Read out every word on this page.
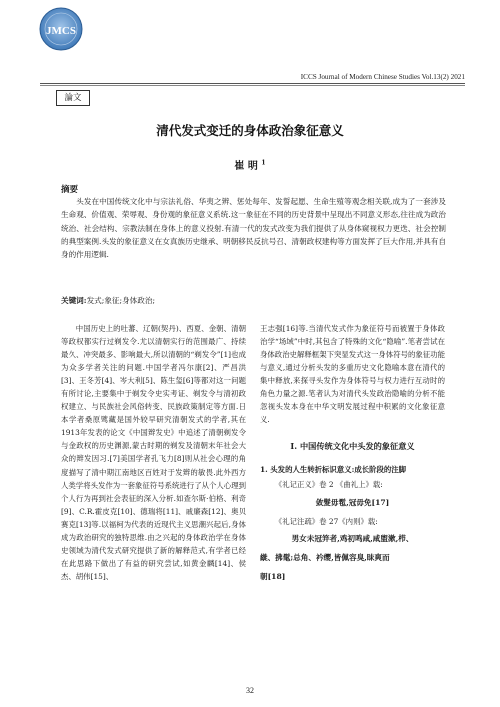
JMCS
ICCS Journal of Modern Chinese Studies Vol.13(2) 2021
論文
清代发式变迁的身体政治象征意义
崔 明 $^1$
摘要
头发在中国传统文化中与宗法礼俗、华夷之辨、惩处每年、发誓起愿、生命生殖等观念相关联,成为了一套涉及生命观、价值观、荣辱观、身份观的象征意义系统.这一象征在不同的历史背景中呈现出不同意义形态,往往成为政治统治、社会结构、宗教法制在身体上的意义投射.有清一代的发式改变为我们提供了从身体窥视权力更迭、社会控制的典型案例.头发的象征意义在女真族历史继承、明朝移民反抗号召、清朝政权建构等方面发挥了巨大作用,并具有自身的作用逻辑.
关键词:发式;象征;身体政治;
中国历史上的吐蕃、辽朝(契丹)、西夏、金朝、清朝等政权都实行过剃发令.尤以清朝实行的范围最广、持续最久、冲突最多、影响最大,所以清朝的“剃发令”[1]也成为众多学者关注的问题.中国学者冯尔康[2]、严昌洪[3]、王冬芳[4]、岑大利[5]、陈生玺[6]等都对这一问题有所讨论,主要集中于剃发令史实考证、剃发令与清初政权建立、与民族社会风俗转变、民族政策制定等方面.日本学者桑原骘藏是国外较早研究清朝发式的学者,其在1913年发表的论文《中国辫发史》中追述了清朝剃发令与金政权的历史渊源,蒙古时期的剃发及清朝末年社会大众的辫发因习.[7]美国学者孔飞力[8]则从社会心理的角度描写了清中期江南地区百姓对于发辫的敏畏.此外西方人类学将头发作为一套象征符号系统进行了从个人心理到个人行为再到社会表征的深入分析.如查尔斯·伯格、利奇[9]、C.R.霍皮克[10]、德瑞将[11]、戚廉森[12]、奥贝赛克[13]等.以福柯为代表的近现代主义思潮兴起后,身体成为政治研究的独特思维.由之兴起的身体政治学在身体史领域为清代发式研究提供了新的解释范式,有学者已经在此思路下做出了有益的研究尝试,如黄金麟[14]、侯杰、胡伟[15]、

王志强[16]等.当清代发式作为象征符号而被置于身体政治学“场域”中时,其包含了特殊的文化“隐喻”.笔者尝试在身体政治史解释框架下突显发式这一身体符号的象征功能与意义,通过分析头发的多重历史文化隐喻本意在清代的集中释放,来探寻头发作为身体符号与权力进行互动时的角色力量之源.笔者认为对清代头发政治隐喻的分析不能忽视头发本身在中华文明发展过程中积累的文化象征意义.

Ⅰ. 中国传统文化中头发的象征意义

1. 头发的人生转折标识意义:成长阶段的注脚

《礼记正义》卷 2 《曲礼上》载:

敛髮毋髢,冠毋免[17]

《礼记注疏》卷 27《内则》载:

男女未冠笄者,鸡初鸣咸,咸盥漱,栉、

縰、拂髦;总角、衿缨,皆佩容臭,昧爽而

朝[18]

32
